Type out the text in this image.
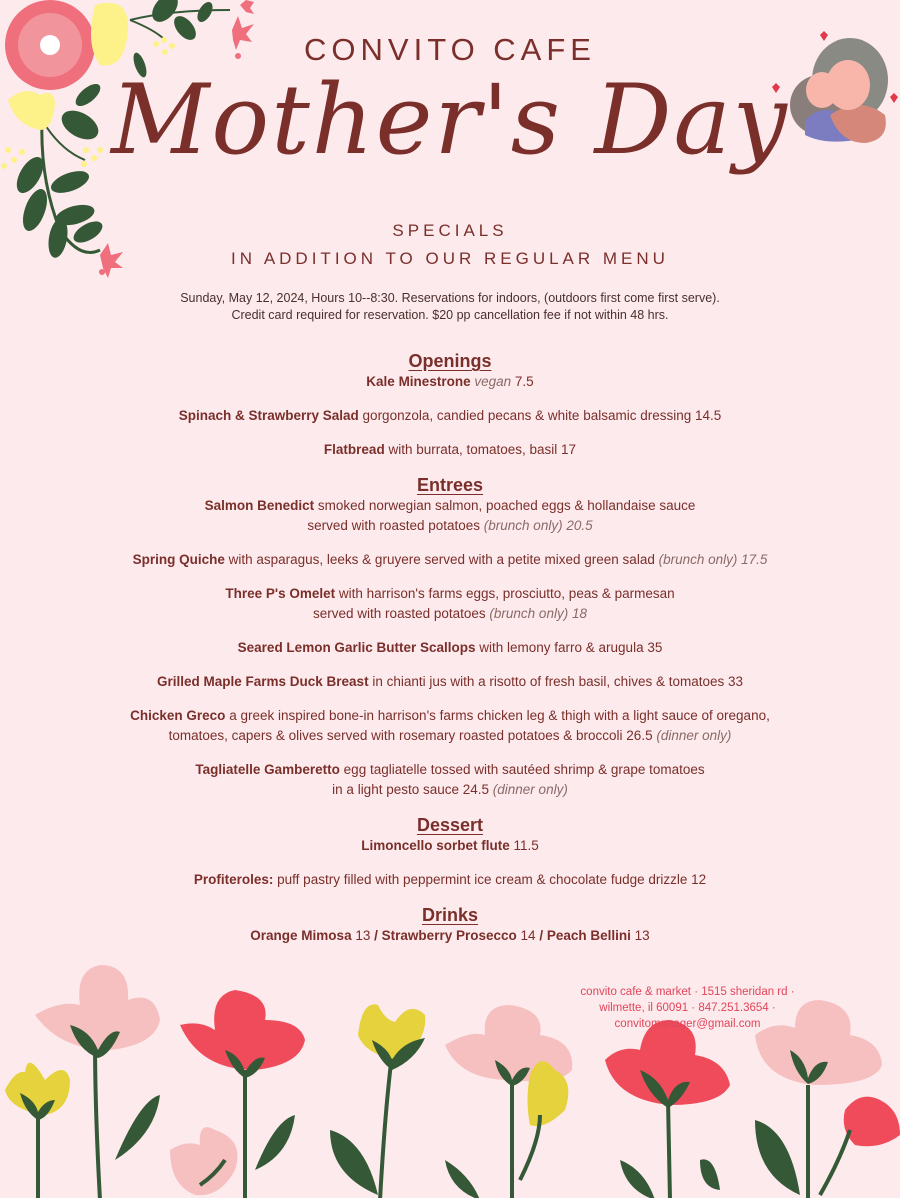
CONVITO CAFE
Mother's Day
SPECIALS
IN ADDITION TO OUR REGULAR MENU
Sunday, May 12, 2024, Hours 10--8:30. Reservations for indoors, (outdoors first come first serve).
Credit card required for reservation. $20 pp cancellation fee if not within 48 hrs.
Openings

Kale Minestrone vegan 7.5

Spinach & Strawberry Salad gorgonzola, candied pecans & white balsamic dressing 14.5

Flatbread with burrata, tomatoes, basil 17

Entrees

Salmon Benedict smoked norwegian salmon, poached eggs & hollandaise sauce
served with roasted potatoes (brunch only) 20.5

Spring Quiche with asparagus, leeks & gruyere served with a petite mixed green salad (brunch only) 17.5

Three P's Omelet with harrison's farms eggs, prosciutto, peas & parmesan
served with roasted potatoes (brunch only) 18

Seared Lemon Garlic Butter Scallops with lemony farro & arugula 35

Grilled Maple Farms Duck Breast in chianti jus with a risotto of fresh basil, chives & tomatoes 33

Chicken Greco a greek inspired bone-in harrison's farms chicken leg & thigh with a light sauce of oregano,
tomatoes, capers & olives served with rosemary roasted potatoes & broccoli 26.5 (dinner only)

Tagliatelle Gamberetto egg tagliatelle tossed with sautéed shrimp & grape tomatoes
in a light pesto sauce 24.5 (dinner only)

Dessert

Limoncello sorbet flute 11.5

Profiteroles: puff pastry filled with peppermint ice cream & chocolate fudge drizzle 12

Drinks

Orange Mimosa 13 / Strawberry Prosecco 14 / Peach Bellini 13

convito cafe & market · 1515 sheridan rd ·
wilmette, il 60091 · 847.251.3654 ·
convitomanager@gmail.com
